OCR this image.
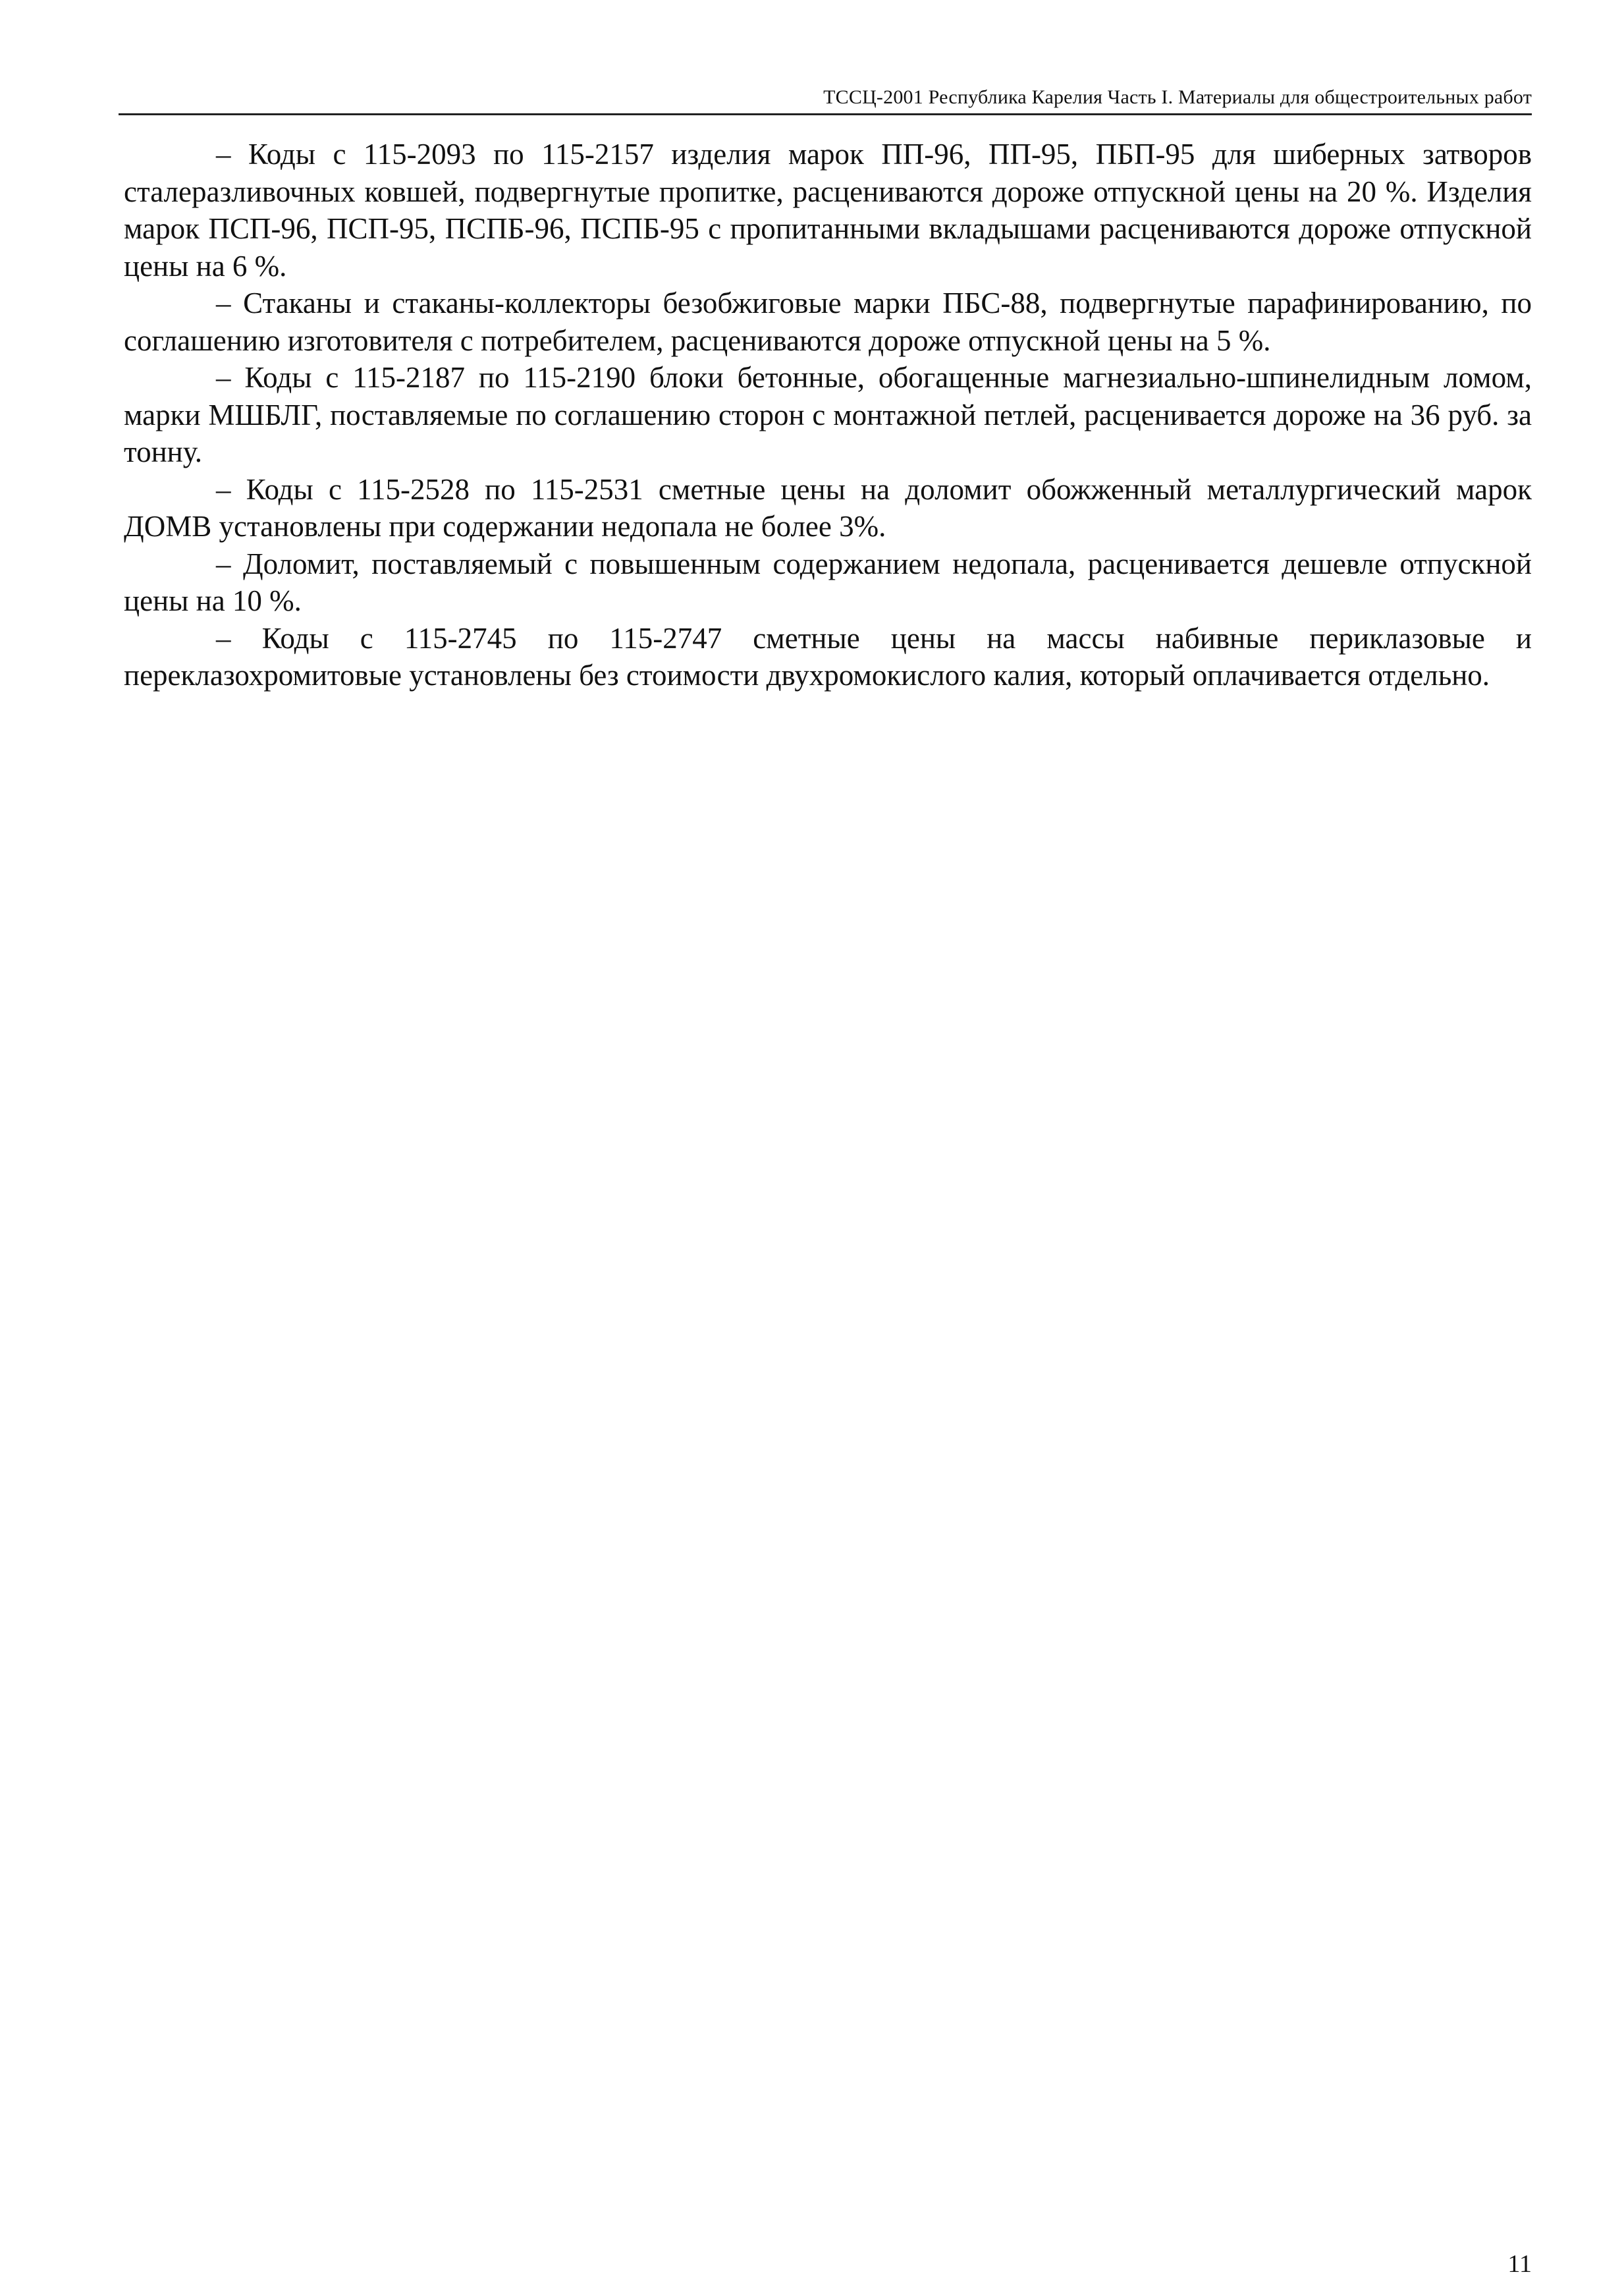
ТССЦ-2001 Республика Карелия Часть I. Материалы для общестроительных работ

– Коды с 115-2093 по 115-2157 изделия марок ПП-96, ПП-95, ПБП-95 для шиберных затворов сталеразливочных ковшей, подвергнутые пропитке, расцениваются дороже отпускной цены на 20 %. Изделия марок ПСП-96, ПСП-95, ПСПБ-96, ПСПБ-95 с пропитанными вкладышами расцениваются дороже отпускной цены на 6 %.

– Стаканы и стаканы-коллекторы безобжиговые марки ПБС-88, подвергнутые парафинированию, по соглашению изготовителя с потребителем, расцениваются дороже отпускной цены на 5 %.

– Коды с 115-2187 по 115-2190 блоки бетонные, обогащенные магнезиально-шпинелидным ломом, марки МШБЛГ, поставляемые по соглашению сторон с монтажной петлей, расценивается дороже на 36 руб. за тонну.

– Коды с 115-2528 по 115-2531 сметные цены на доломит обожженный металлургический марок ДОМВ установлены при содержании недопала не более 3%.

– Доломит, поставляемый с повышенным содержанием недопала, расценивается дешевле отпускной цены на 10 %.

– Коды с 115-2745 по 115-2747 сметные цены на массы набивные периклазовые и переклазохромитовые установлены без стоимости двухромокислого калия, который оплачивается отдельно.

11
